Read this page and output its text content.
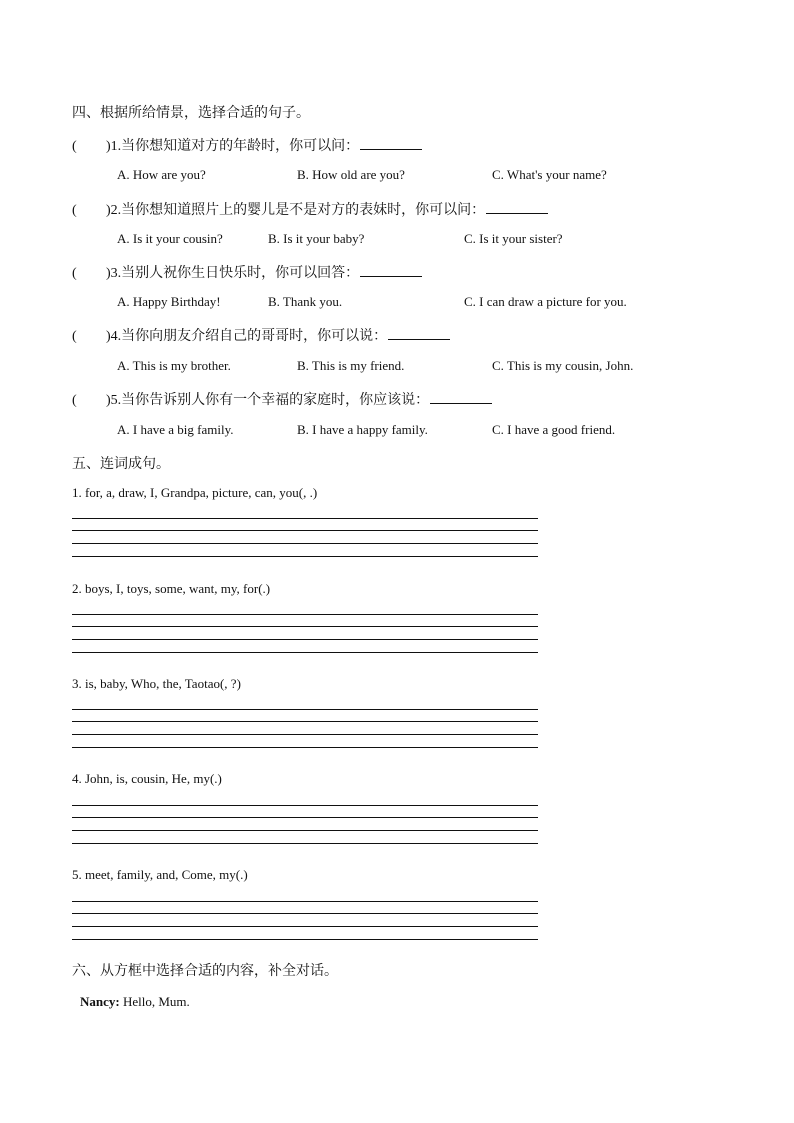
四、根据所给情景，选择合适的句子。
( )1.当你想知道对方的年龄时，你可以问：
A. How are you?	B. How old are you?	C. What's your name?
( )2.当你想知道照片上的婴儿是不是对方的表妹时，你可以问：
A. Is it your cousin?	B. Is it your baby?	C. Is it your sister?
( )3.当别人祝你生日快乐时，你可以回答：
A. Happy Birthday!	B. Thank you.	C. I can draw a picture for you.
( )4.当你向朋友介绍自己的哥哥时，你可以说：
A. This is my brother.	B. This is my friend.	C. This is my cousin, John.
( )5.当你告诉别人你有一个幸福的家庭时，你应该说：
A. I have a big family.	B. I have a happy family.	C. I have a good friend.
五、连词成句。
1. for, a, draw, I, Grandpa, picture, can, you(, .)
2. boys, I, toys, some, want, my, for(.)
3. is, baby, Who, the, Taotao(, ?)
4. John, is, cousin, He, my(.)
5. meet, family, and, Come, my(.)
六、从方框中选择合适的内容，补全对话。
Nancy: Hello, Mum.
